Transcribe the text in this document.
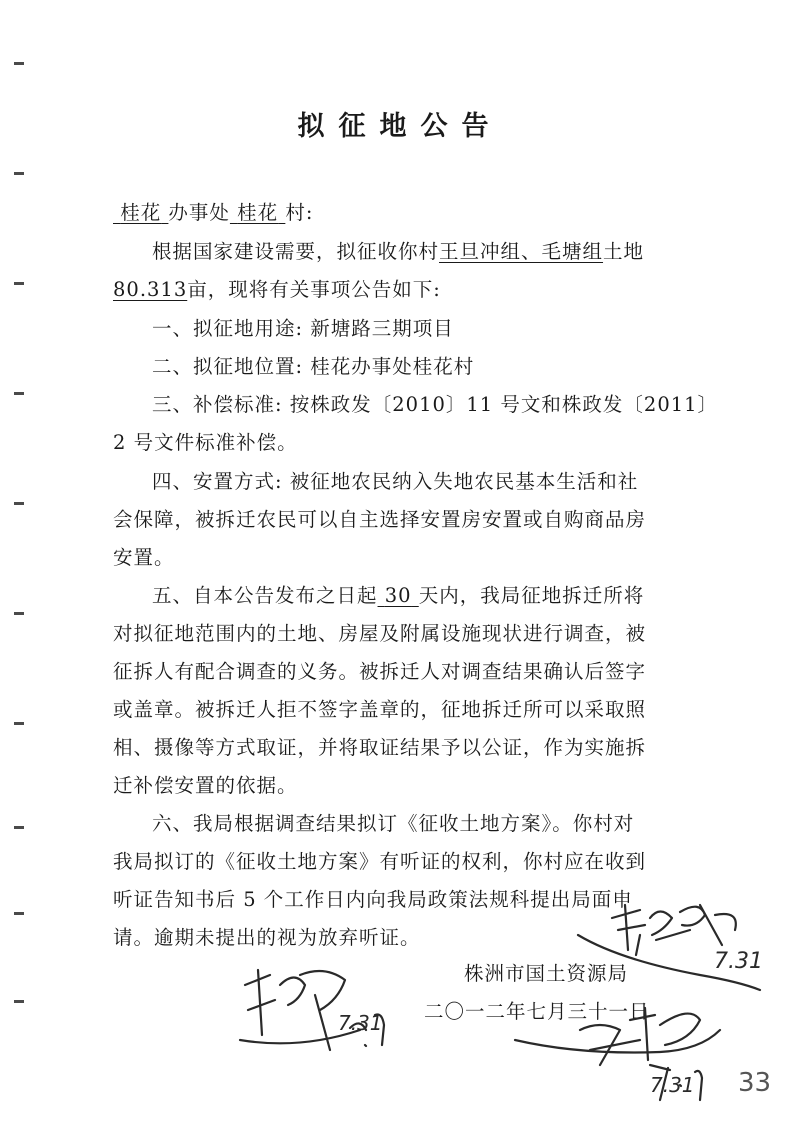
拟征地公告
桂花 办事处 桂花 村:
根据国家建设需要，拟征收你村王旦冲组、毛塘组土地
80.313亩，现将有关事项公告如下:
一、拟征地用途: 新塘路三期项目
二、拟征地位置: 桂花办事处桂花村
三、补偿标准: 按株政发〔2010〕11 号文和株政发〔2011〕
2 号文件标准补偿。
四、安置方式: 被征地农民纳入失地农民基本生活和社
会保障，被拆迁农民可以自主选择安置房安置或自购商品房
安置。
五、自本公告发布之日起 30 天内，我局征地拆迁所将
对拟征地范围内的土地、房屋及附属设施现状进行调查，被
征拆人有配合调查的义务。被拆迁人对调查结果确认后签字
或盖章。被拆迁人拒不签字盖章的，征地拆迁所可以采取照
相、摄像等方式取证，并将取证结果予以公证，作为实施拆
迁补偿安置的依据。
六、我局根据调查结果拟订《征收土地方案》。你村对
我局拟订的《征收土地方案》有听证的权利，你村应在收到
听证告知书后 5 个工作日内向我局政策法规科提出局面申
请。逾期未提出的视为放弃听证。
株洲市国土资源局
二〇一二年七月三十一日
7.31
7.31
7.31 33
